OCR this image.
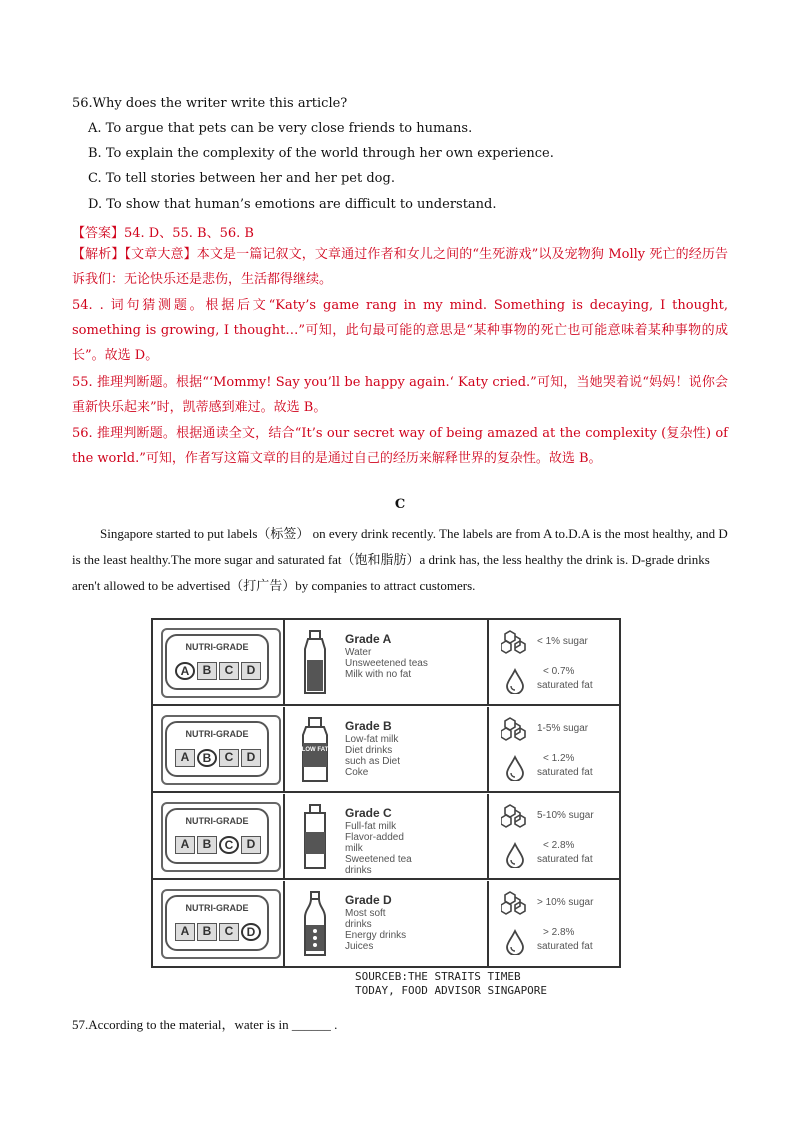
56.Why does the writer write this article?
A. To argue that pets can be very close friends to humans.
B. To explain the complexity of the world through her own experience.
C. To tell stories between her and her pet dog.
D. To show that human’s emotions are difficult to understand.
【答案】54. D、55. B、56. B
【解析】【文章大意】本文是一篇记叙文，文章通过作者和女儿之间的“生死游戏”以及宠物狗 Molly 死亡的经历告诉我们：无论快乐还是悲伤，生活都得继续。
54. . 词句猜测题。根据后文“Katy’s game rang in my mind. Something is decaying, I thought, something is growing, I thought…”可知，此句最可能的意思是“某种事物的死亡也可能意味着某种事物的成长”。故选 D。
55. 推理判断题。根据“‘Mommy! Say you’ll be happy again.‘ Katy cried.”可知，当她哭着说“妈妈！说你会重新快乐起来”时，凯蒂感到难过。故选 B。
56. 推理判断题。根据通读全文，结合“It’s our secret way of being amazed at the complexity (复杂性) of the world.”可知，作者写这篇文章的目的是通过自己的经历来解释世界的复杂性。故选 B。
C
Singapore started to put labels（标签） on every drink recently. The labels are from A to.D.A is the most healthy, and D is the least healthy.The more sugar and saturated fat（饱和脂肪）a drink has, the less healthy the drink is. D-grade drinks aren't allowed to be advertised（打广告）by companies to attract customers.
NUTRI-GRADE
A	B	C	D
Grade A
Water
Unsweetened teas
Milk with no fat
< 1% sugar
< 0.7%
saturated fat
NUTRI-GRADE
A	B	C	D	LOW FAT
Grade B
Low-fat milk
Diet drinks
such as Diet
Coke
1-5% sugar
< 1.2%
saturated fat
NUTRI-GRADE
A	B	C	D
Grade C
Full-fat milk
Flavor-added
milk
Sweetened tea
drinks
5-10% sugar
< 2.8%
saturated fat
NUTRI-GRADE
A	B	C	D
Grade D
Most soft
drinks
Energy drinks
Juices
> 10% sugar
> 2.8%
saturated fat
SOURCEB:THE STRAITS TIMEB
TODAY, FOOD ADVISOR SINGAPORE
57.According to the material，water is in ______ .
